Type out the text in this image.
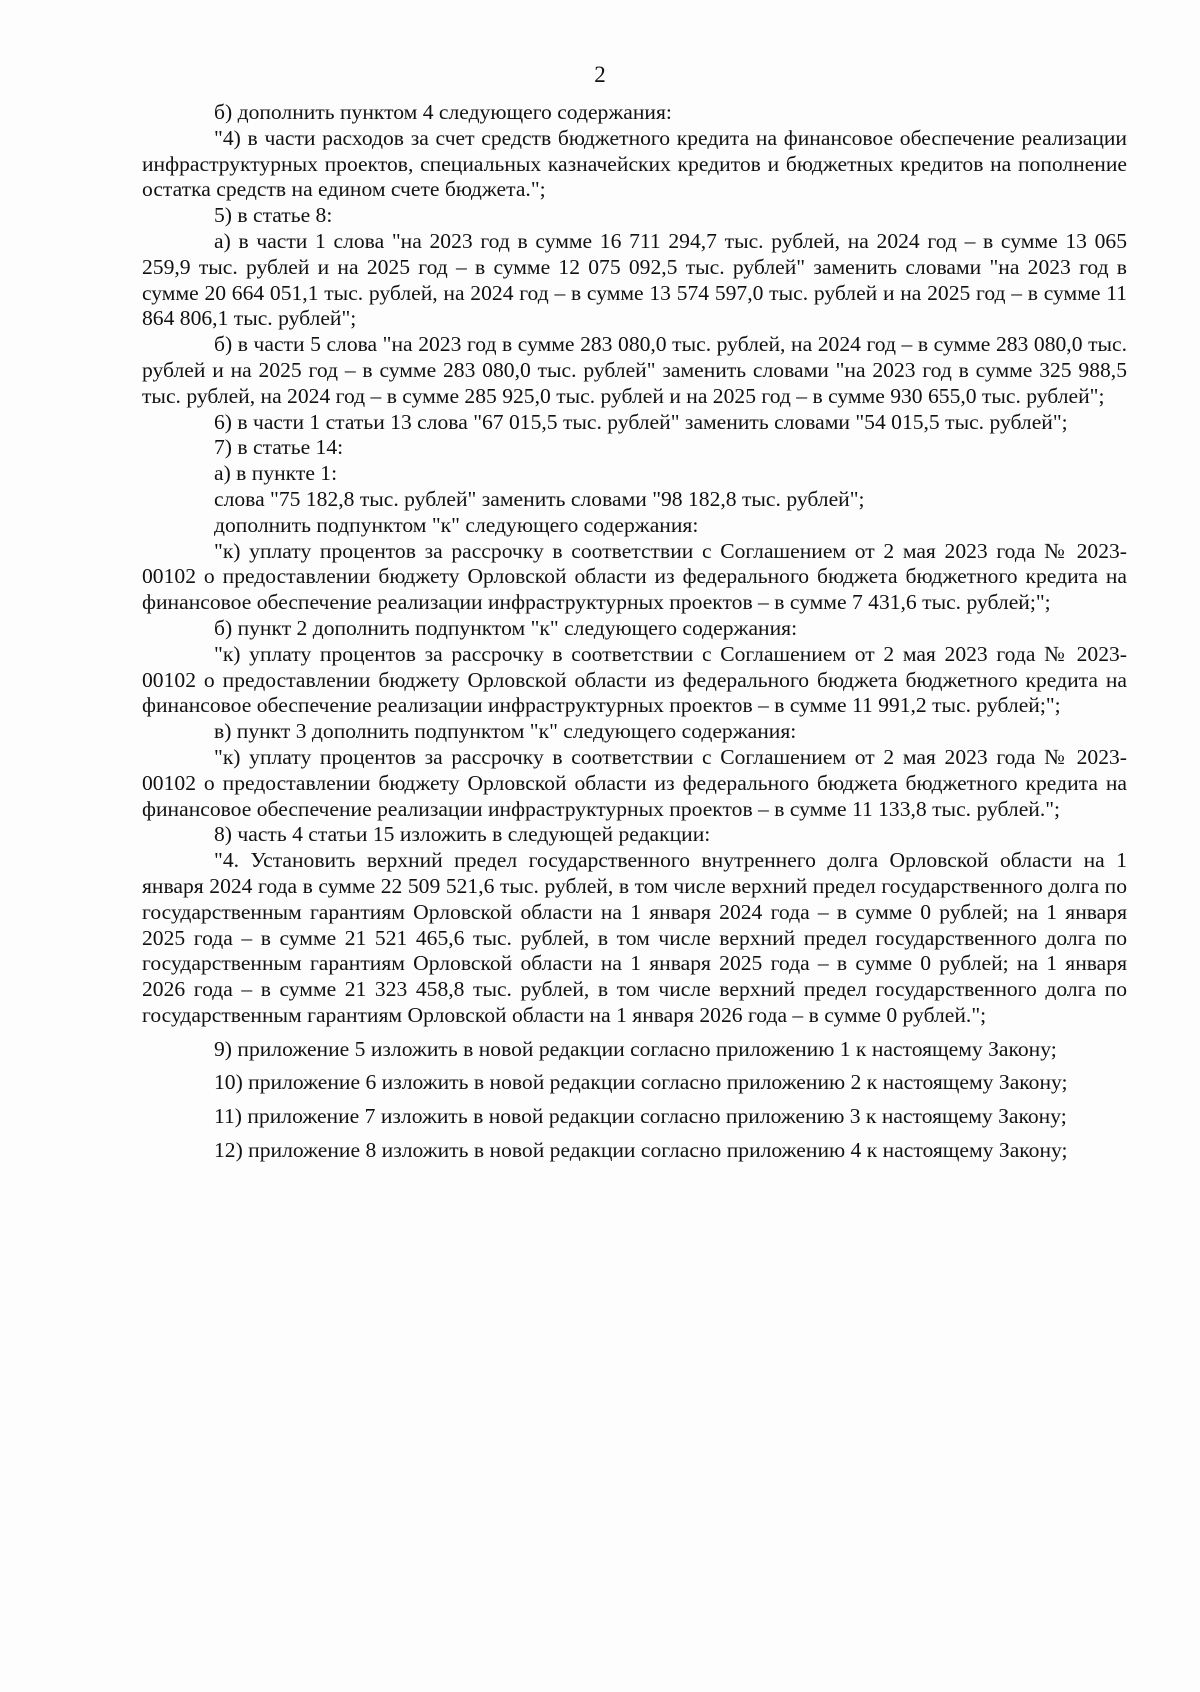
2

б) дополнить пунктом 4 следующего содержания:

"4) в части расходов за счет средств бюджетного кредита на финансовое обеспечение реализации инфраструктурных проектов, специальных казначейских кредитов и бюджетных кредитов на пополнение остатка средств на едином счете бюджета.";

5) в статье 8:

а) в части 1 слова "на 2023 год в сумме 16 711 294,7 тыс. рублей, на 2024 год – в сумме 13 065 259,9 тыс. рублей и на 2025 год – в сумме 12 075 092,5 тыс. рублей" заменить словами "на 2023 год в сумме 20 664 051,1 тыс. рублей, на 2024 год – в сумме 13 574 597,0 тыс. рублей и на 2025 год – в сумме 11 864 806,1 тыс. рублей";

б) в части 5 слова "на 2023 год в сумме 283 080,0 тыс. рублей, на 2024 год – в сумме 283 080,0 тыс. рублей и на 2025 год – в сумме 283 080,0 тыс. рублей" заменить словами "на 2023 год в сумме 325 988,5 тыс. рублей, на 2024 год – в сумме 285 925,0 тыс. рублей и на 2025 год – в сумме 930 655,0 тыс. рублей";

6) в части 1 статьи 13 слова "67 015,5 тыс. рублей" заменить словами "54 015,5 тыс. рублей";

7) в статье 14:

а) в пункте 1:

слова "75 182,8 тыс. рублей" заменить словами "98 182,8 тыс. рублей";

дополнить подпунктом "к" следующего содержания:

"к) уплату процентов за рассрочку в соответствии с Соглашением от 2 мая 2023 года № 2023-00102 о предоставлении бюджету Орловской области из федерального бюджета бюджетного кредита на финансовое обеспечение реализации инфраструктурных проектов – в сумме 7 431,6 тыс. рублей;";

б) пункт 2 дополнить подпунктом "к" следующего содержания:

"к) уплату процентов за рассрочку в соответствии с Соглашением от 2 мая 2023 года № 2023-00102 о предоставлении бюджету Орловской области из федерального бюджета бюджетного кредита на финансовое обеспечение реализации инфраструктурных проектов – в сумме 11 991,2 тыс. рублей;";

в) пункт 3 дополнить подпунктом "к" следующего содержания:

"к) уплату процентов за рассрочку в соответствии с Соглашением от 2 мая 2023 года № 2023-00102 о предоставлении бюджету Орловской области из федерального бюджета бюджетного кредита на финансовое обеспечение реализации инфраструктурных проектов – в сумме 11 133,8 тыс. рублей.";

8) часть 4 статьи 15 изложить в следующей редакции:

"4. Установить верхний предел государственного внутреннего долга Орловской области на 1 января 2024 года в сумме 22 509 521,6 тыс. рублей, в том числе верхний предел государственного долга по государственным гарантиям Орловской области на 1 января 2024 года – в сумме 0 рублей; на 1 января 2025 года – в сумме 21 521 465,6 тыс. рублей, в том числе верхний предел государственного долга по государственным гарантиям Орловской области на 1 января 2025 года – в сумме 0 рублей; на 1 января 2026 года – в сумме 21 323 458,8 тыс. рублей, в том числе верхний предел государственного долга по государственным гарантиям Орловской области на 1 января 2026 года – в сумме 0 рублей.";

9) приложение 5 изложить в новой редакции согласно приложению 1 к настоящему Закону;

10) приложение 6 изложить в новой редакции согласно приложению 2 к настоящему Закону;

11) приложение 7 изложить в новой редакции согласно приложению 3 к настоящему Закону;

12) приложение 8 изложить в новой редакции согласно приложению 4 к настоящему Закону;
